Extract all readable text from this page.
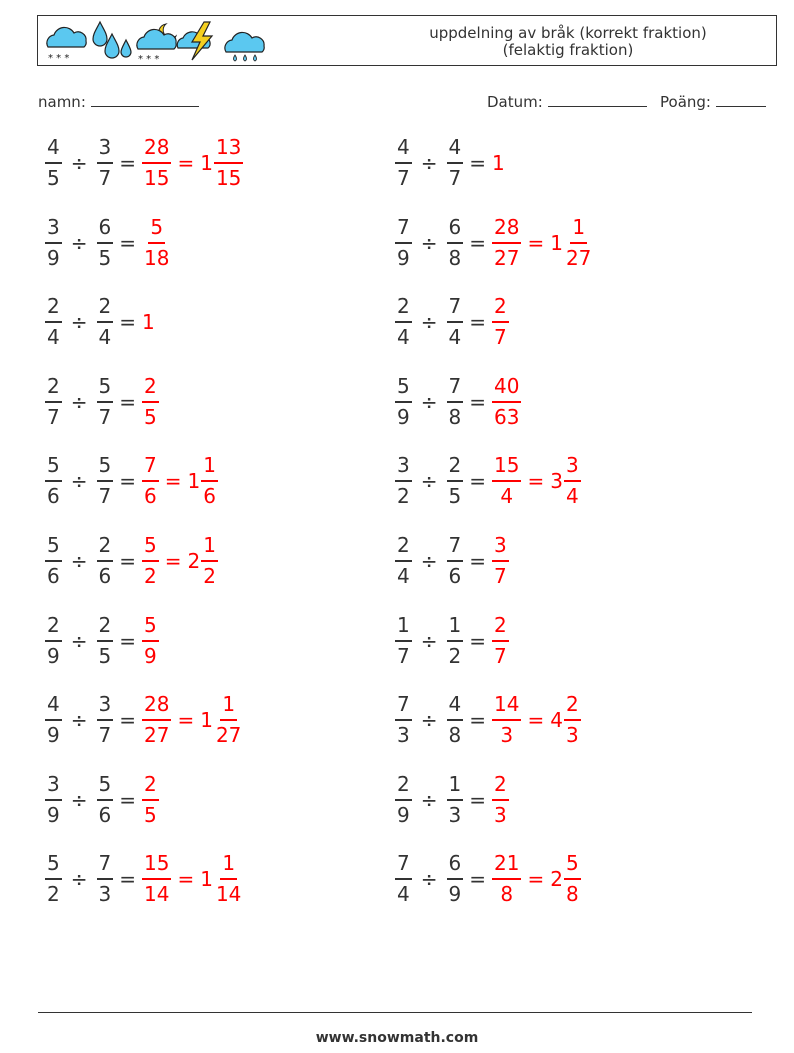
* * *	* * *
uppdelning av bråk (korrekt fraktion)
(felaktig fraktion)
namn:	Datum:	Poäng:
$\frac{4}{5} \div \frac{3}{7} = \frac{28}{15} = 1 \frac{13}{15}$	$\frac{4}{7} \div \frac{4}{7} = 1$
$\frac{3}{9} \div \frac{6}{5} = \frac{5}{18}$	$\frac{7}{9} \div \frac{6}{8} = \frac{28}{27} = 1 \frac{1}{27}$
$\frac{2}{4} \div \frac{2}{4} = 1$	$\frac{2}{4} \div \frac{7}{4} = \frac{2}{7}$
$\frac{2}{7} \div \frac{5}{7} = \frac{2}{5}$	$\frac{5}{9} \div \frac{7}{8} = \frac{40}{63}$
$\frac{5}{6} \div \frac{5}{7} = \frac{7}{6} = 1 \frac{1}{6}$	$\frac{3}{2} \div \frac{2}{5} = \frac{15}{4} = 3 \frac{3}{4}$
$\frac{5}{6} \div \frac{2}{6} = \frac{5}{2} = 2 \frac{1}{2}$	$\frac{2}{4} \div \frac{7}{6} = \frac{3}{7}$
$\frac{2}{9} \div \frac{2}{5} = \frac{5}{9}$	$\frac{1}{7} \div \frac{1}{2} = \frac{2}{7}$
$\frac{4}{9} \div \frac{3}{7} = \frac{28}{27} = 1 \frac{1}{27}$	$\frac{7}{3} \div \frac{4}{8} = \frac{14}{3} = 4 \frac{2}{3}$
$\frac{3}{9} \div \frac{5}{6} = \frac{2}{5}$	$\frac{2}{9} \div \frac{1}{3} = \frac{2}{3}$
$\frac{5}{2} \div \frac{7}{3} = \frac{15}{14} = 1 \frac{1}{14}$	$\frac{7}{4} \div \frac{6}{9} = \frac{21}{8} = 2 \frac{5}{8}$
www.snowmath.com
